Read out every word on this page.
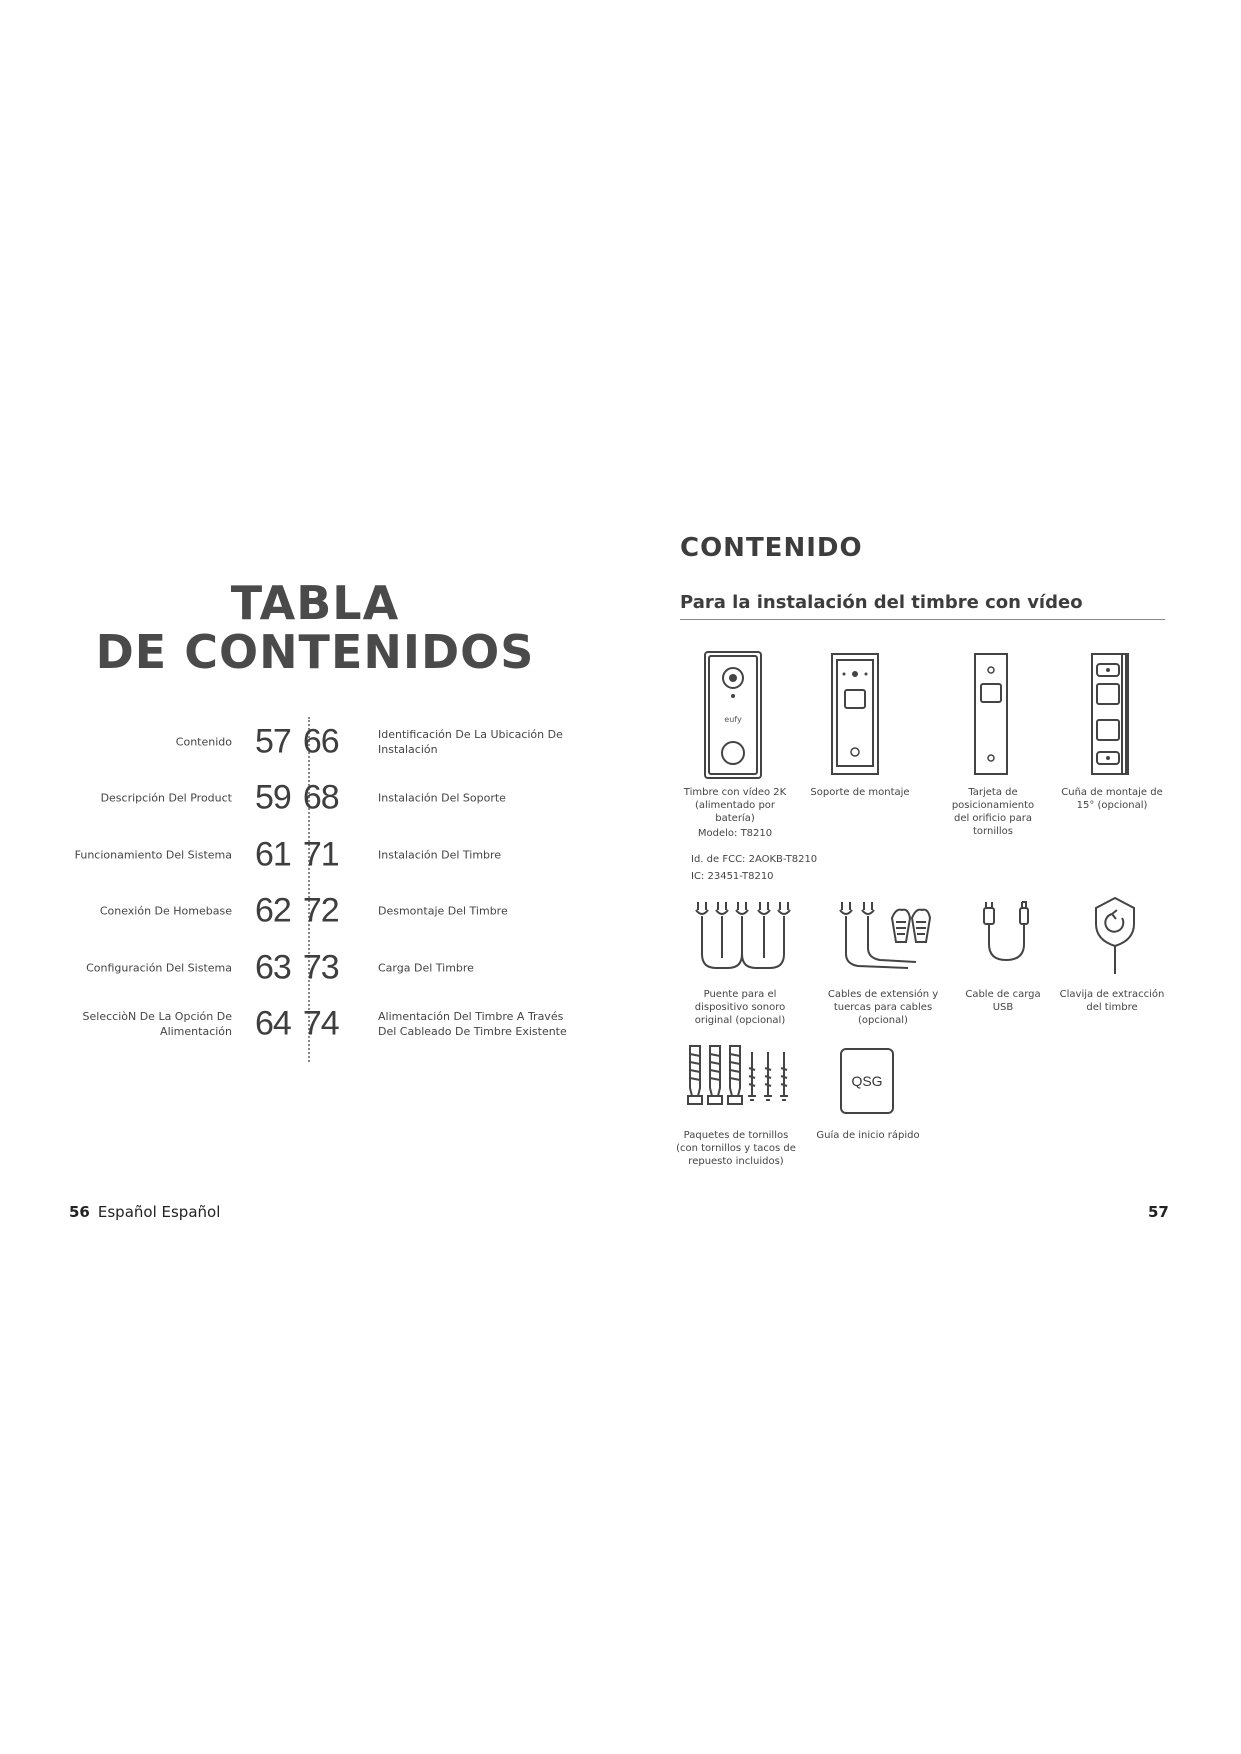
TABLA
DE CONTENIDOS
Contenido 57 66	Identificación De La Ubicación De Instalación
Descripción Del Product 59 68	Instalación Del Soporte
Funcionamiento Del Sistema 61 71	Instalación Del Timbre
Conexión De Homebase 62 72	Desmontaje Del Timbre
Configuración Del Sistema 63 73	Carga Del Timbre
SelecciòN De La Opción De Alimentación 64 74	Alimentación Del Timbre A Través Del Cableado De Timbre Existente
56 Español Español
CONTENIDO
Para la instalación del timbre con vídeo
eufy
Timbre con vídeo 2K (alimentado por batería)
Modelo: T8210
Soporte de montaje	Tarjeta de posicionamiento del orificio para tornillos
Cuña de montaje de 15° (opcional)
Id. de FCC: 2AOKB-T8210
IC: 23451-T8210
Puente para el dispositivo sonoro original (opcional)
Cables de extensión y tuercas para cables (opcional)
Cable de carga USB
Clavija de extracción del timbre
QSG
Paquetes de tornillos (con tornillos y tacos de repuesto incluidos)
Guía de inicio rápido
57
